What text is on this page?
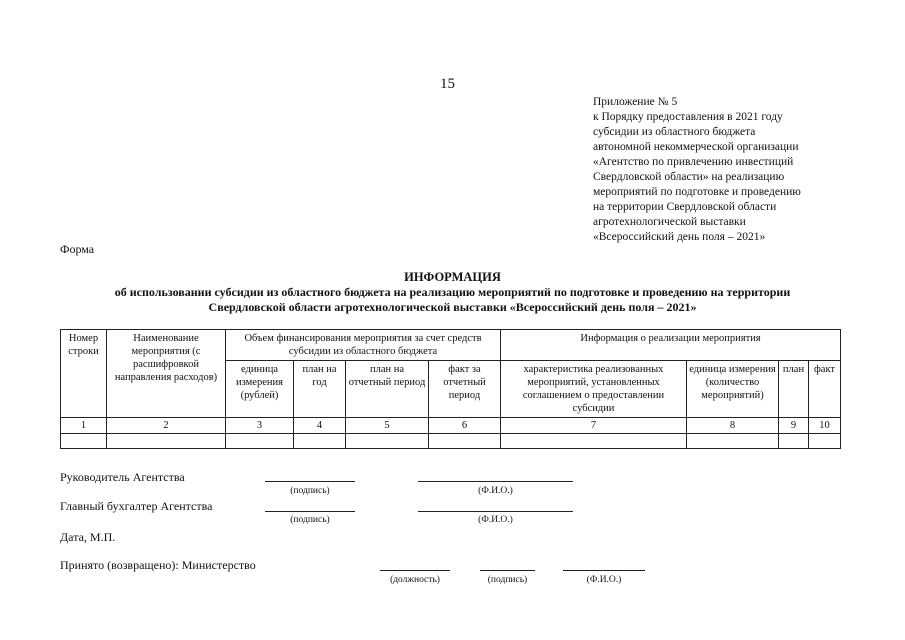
15
Приложение № 5
к Порядку предоставления в 2021 году
субсидии из областного бюджета
автономной некоммерческой организации
«Агентство по привлечению инвестиций
Свердловской области» на реализацию
мероприятий по подготовке и проведению
на территории Свердловской области
агротехнологической выставки
«Всероссийский день поля – 2021»
Форма
ИНФОРМАЦИЯ
об использовании субсидии из областного бюджета на реализацию мероприятий по подготовке и проведению на территории
Свердловской области агротехнологической выставки «Всероссийский день поля – 2021»
Номер строки	Наименование мероприятия (с расшифровкой направления расходов)	Объем финансирования мероприятия за счет средств субсидии из областного бюджета				Информация о реализации мероприятия			
		единица измерения (рублей)	план на год	план на отчетный период	факт за отчетный период	характеристика реализованных мероприятий, установленных соглашением о предоставлении субсидии	единица измерения (количество мероприятий)	план	факт
1	2	3	4	5	6	7	8	9	10

Руководитель Агентства
(подпись)	(Ф.И.О.)
Главный бухгалтер Агентства
(подпись)	(Ф.И.О.)
Дата, М.П.
Принято (возвращено): Министерство
(должность)	(подпись)	(Ф.И.О.)
